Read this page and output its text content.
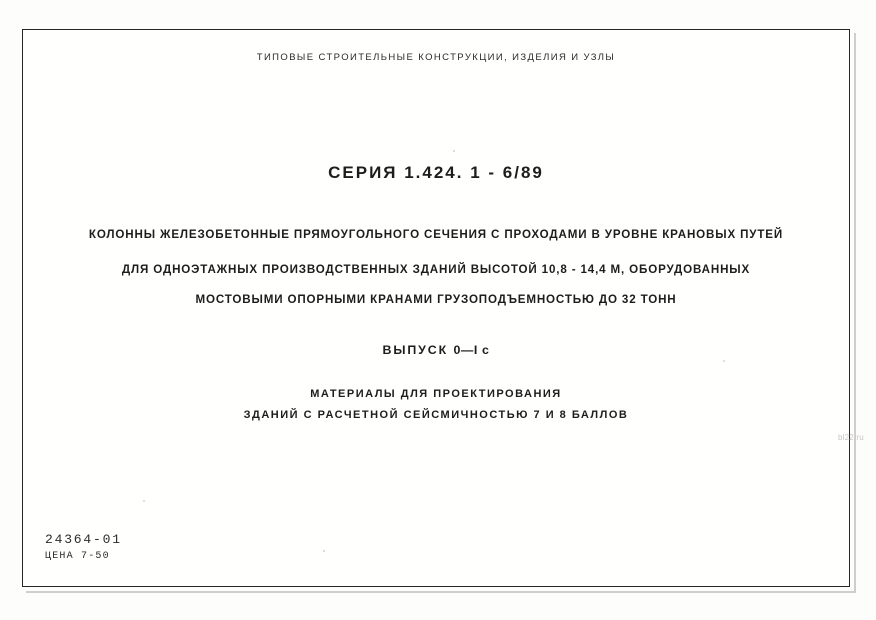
ТИПОВЫЕ СТРОИТЕЛЬНЫЕ КОНСТРУКЦИИ, ИЗДЕЛИЯ И УЗЛЫ
СЕРИЯ 1.424. 1 - 6/89
КОЛОННЫ ЖЕЛЕЗОБЕТОННЫЕ ПРЯМОУГОЛЬНОГО СЕЧЕНИЯ С ПРОХОДАМИ В УРОВНЕ КРАНОВЫХ ПУТЕЙ
ДЛЯ ОДНОЭТАЖНЫХ ПРОИЗВОДСТВЕННЫХ ЗДАНИЙ ВЫСОТОЙ 10,8 - 14,4 М, ОБОРУДОВАННЫХ
МОСТОВЫМИ ОПОРНЫМИ КРАНАМИ ГРУЗОПОДЪЕМНОСТЬЮ ДО 32 ТОНН
ВЫПУСК 0—I с
МАТЕРИАЛЫ ДЛЯ ПРОЕКТИРОВАНИЯ
ЗДАНИЙ С РАСЧЕТНОЙ СЕЙСМИЧНОСТЬЮ 7 И 8 БАЛЛОВ
24364-01
ЦЕНА 7-50
bl22.ru
